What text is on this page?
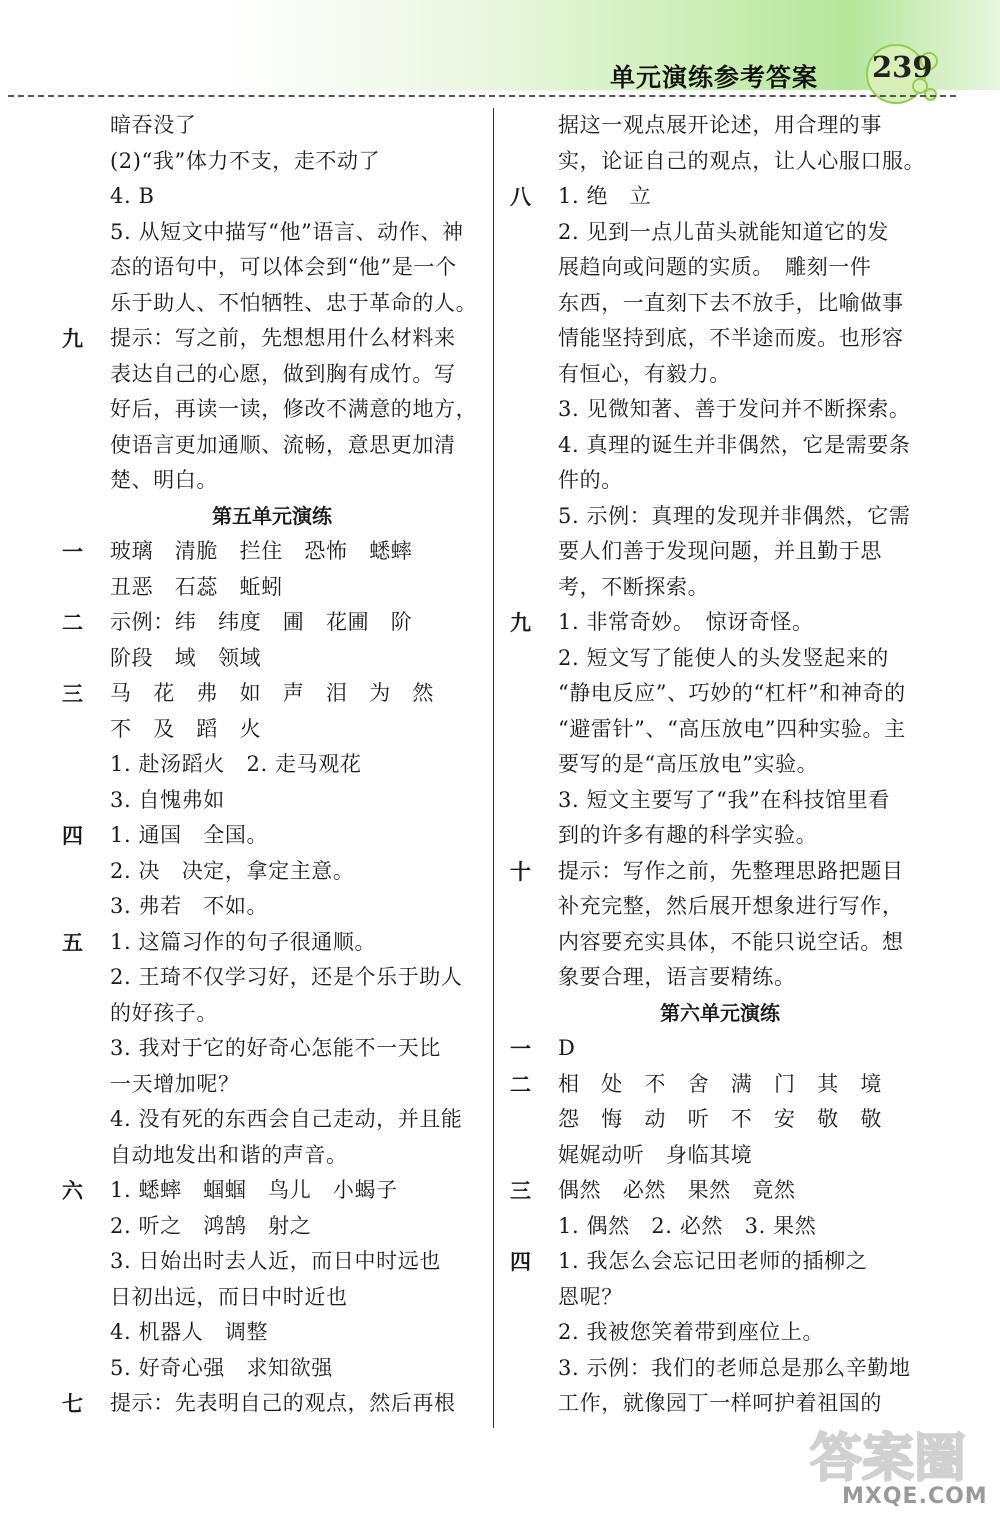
单元演练参考答案 239
暗吞没了
(2)“我”体力不支，走不动了
4. B
5. 从短文中描写“他”语言、动作、神
态的语句中，可以体会到“他”是一个
乐于助人、不怕牺牲、忠于革命的人。
九 提示：写之前，先想想用什么材料来
表达自己的心愿，做到胸有成竹。写
好后，再读一读，修改不满意的地方，
使语言更加通顺、流畅，意思更加清
楚、明白。
第五单元演练
一 玻璃　清脆　拦住　恐怖　蟋蟀
丑恶　石蕊　蚯蚓
二 示例：纬　纬度　圃　花圃　阶
阶段　域　领域
三 马　花　弗　如　声　泪　为　然
不　及　蹈　火
1. 赴汤蹈火　2. 走马观花
3. 自愧弗如
四 1. 通国　全国。
2. 决　决定，拿定主意。
3. 弗若　不如。
五 1. 这篇习作的句子很通顺。
2. 王琦不仅学习好，还是个乐于助人
的好孩子。
3. 我对于它的好奇心怎能不一天比
一天增加呢？
4. 没有死的东西会自己走动，并且能
自动地发出和谐的声音。
六 1. 蟋蟀　蝈蝈　鸟儿　小蝎子
2. 听之　鸿鹄　射之
3. 日始出时去人近，而日中时远也
日初出远，而日中时近也
4. 机器人　调整
5. 好奇心强　求知欲强
七 提示：先表明自己的观点，然后再根
据这一观点展开论述，用合理的事
实，论证自己的观点，让人心服口服。
八 1. 绝　立
2. 见到一点儿苗头就能知道它的发
展趋向或问题的实质。　雕刻一件
东西，一直刻下去不放手，比喻做事
情能坚持到底，不半途而废。也形容
有恒心，有毅力。
3. 见微知著、善于发问并不断探索。
4. 真理的诞生并非偶然，它是需要条
件的。
5. 示例：真理的发现并非偶然，它需
要人们善于发现问题，并且勤于思
考，不断探索。
九 1. 非常奇妙。　惊讶奇怪。
2. 短文写了能使人的头发竖起来的
“静电反应”、巧妙的“杠杆”和神奇的
“避雷针”、“高压放电”四种实验。主
要写的是“高压放电”实验。
3. 短文主要写了“我”在科技馆里看
到的许多有趣的科学实验。
十 提示：写作之前，先整理思路把题目
补充完整，然后展开想象进行写作，
内容要充实具体，不能只说空话。想
象要合理，语言要精练。
第六单元演练
一 D
二 相　处　不　舍　满　门　其　境
怨　悔　动　听　不　安　敬　敬
娓娓动听　身临其境
三 偶然　必然　果然　竟然
1. 偶然　2. 必然　3. 果然
四 1. 我怎么会忘记田老师的插柳之
恩呢？
2. 我被您笑着带到座位上。
3. 示例：我们的老师总是那么辛勤地
工作，就像园丁一样呵护着祖国的
答案圈
MXQE.COM
